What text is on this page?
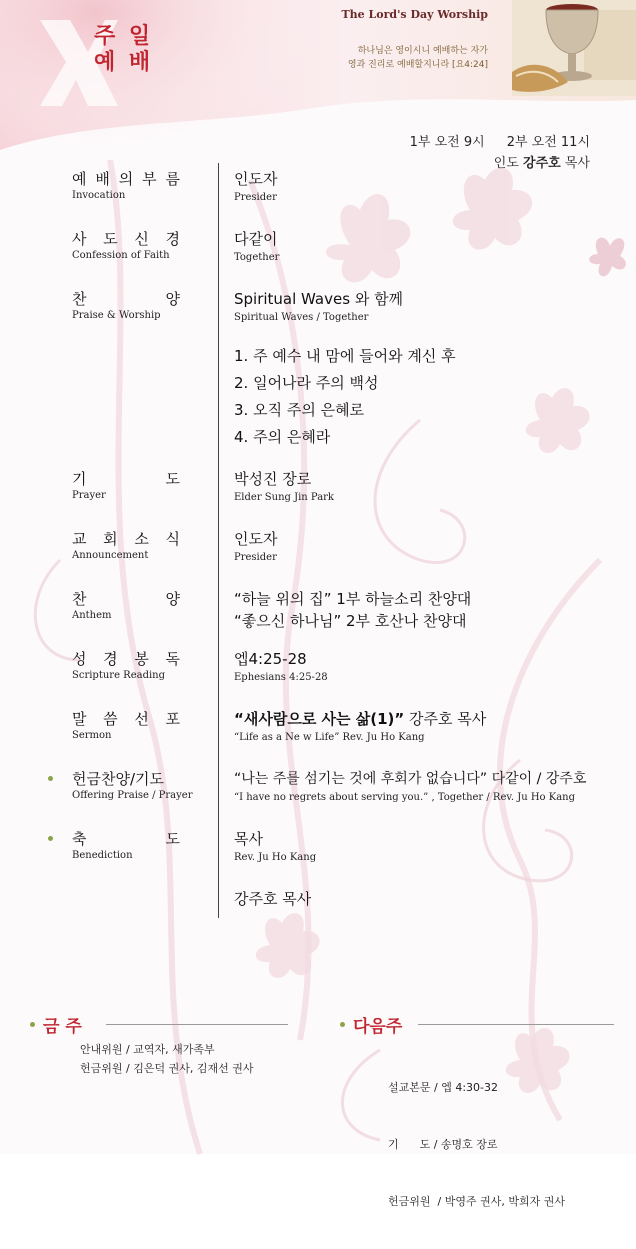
주 일
예 배
The Lord's Day Worship
하나님은 영이시니 예배하는 자가
영과 진리로 예배할지니라 [요4:24]
1부 오전 9시 2부 오전 11시
인도 강주호 목사
예 배 의 부 름
Invocation
인도자
Presider
사 도 신 경
Confession of Faith
다같이
Together
찬	양
Praise & Worship
Spiritual Waves 와 함께
Spiritual Waves / Together
1. 주 예수 내 맘에 들어와 계신 후
2. 일어나라 주의 백성
3. 오직 주의 은혜로
4. 주의 은혜라
기	도
Prayer
박성진 장로
Elder Sung Jin Park
교 회 소 식
Announcement
인도자
Presider
찬	양
Anthem
“하늘 위의 집” 1부 하늘소리 찬양대
“좋으신 하나님” 2부 호산나 찬양대
성 경 봉 독
Scripture Reading
엡4:25-28
Ephesians 4:25-28
말 씀 선 포
Sermon
“새사람으로 사는 삶(1)” 강주호 목사
“Life as a Ne w Life” Rev. Ju Ho Kang
헌금찬양/기도
Offering Praise / Prayer
“나는 주를 섬기는 것에 후회가 없습니다” 다같이 / 강주호
“I have no regrets about serving you.” , Together / Rev. Ju Ho Kang
축	도
Benediction
목사
Rev. Ju Ho Kang
강주호 목사
금 주
안내위원 / 교역자, 새가족부
헌금위원 / 김은덕 권사, 김재선 권사
다음주

설교본문 / 엡 4:30-32

기      도 / 송명호 장로

헌금위원  / 박영주 권사, 박희자 권사
